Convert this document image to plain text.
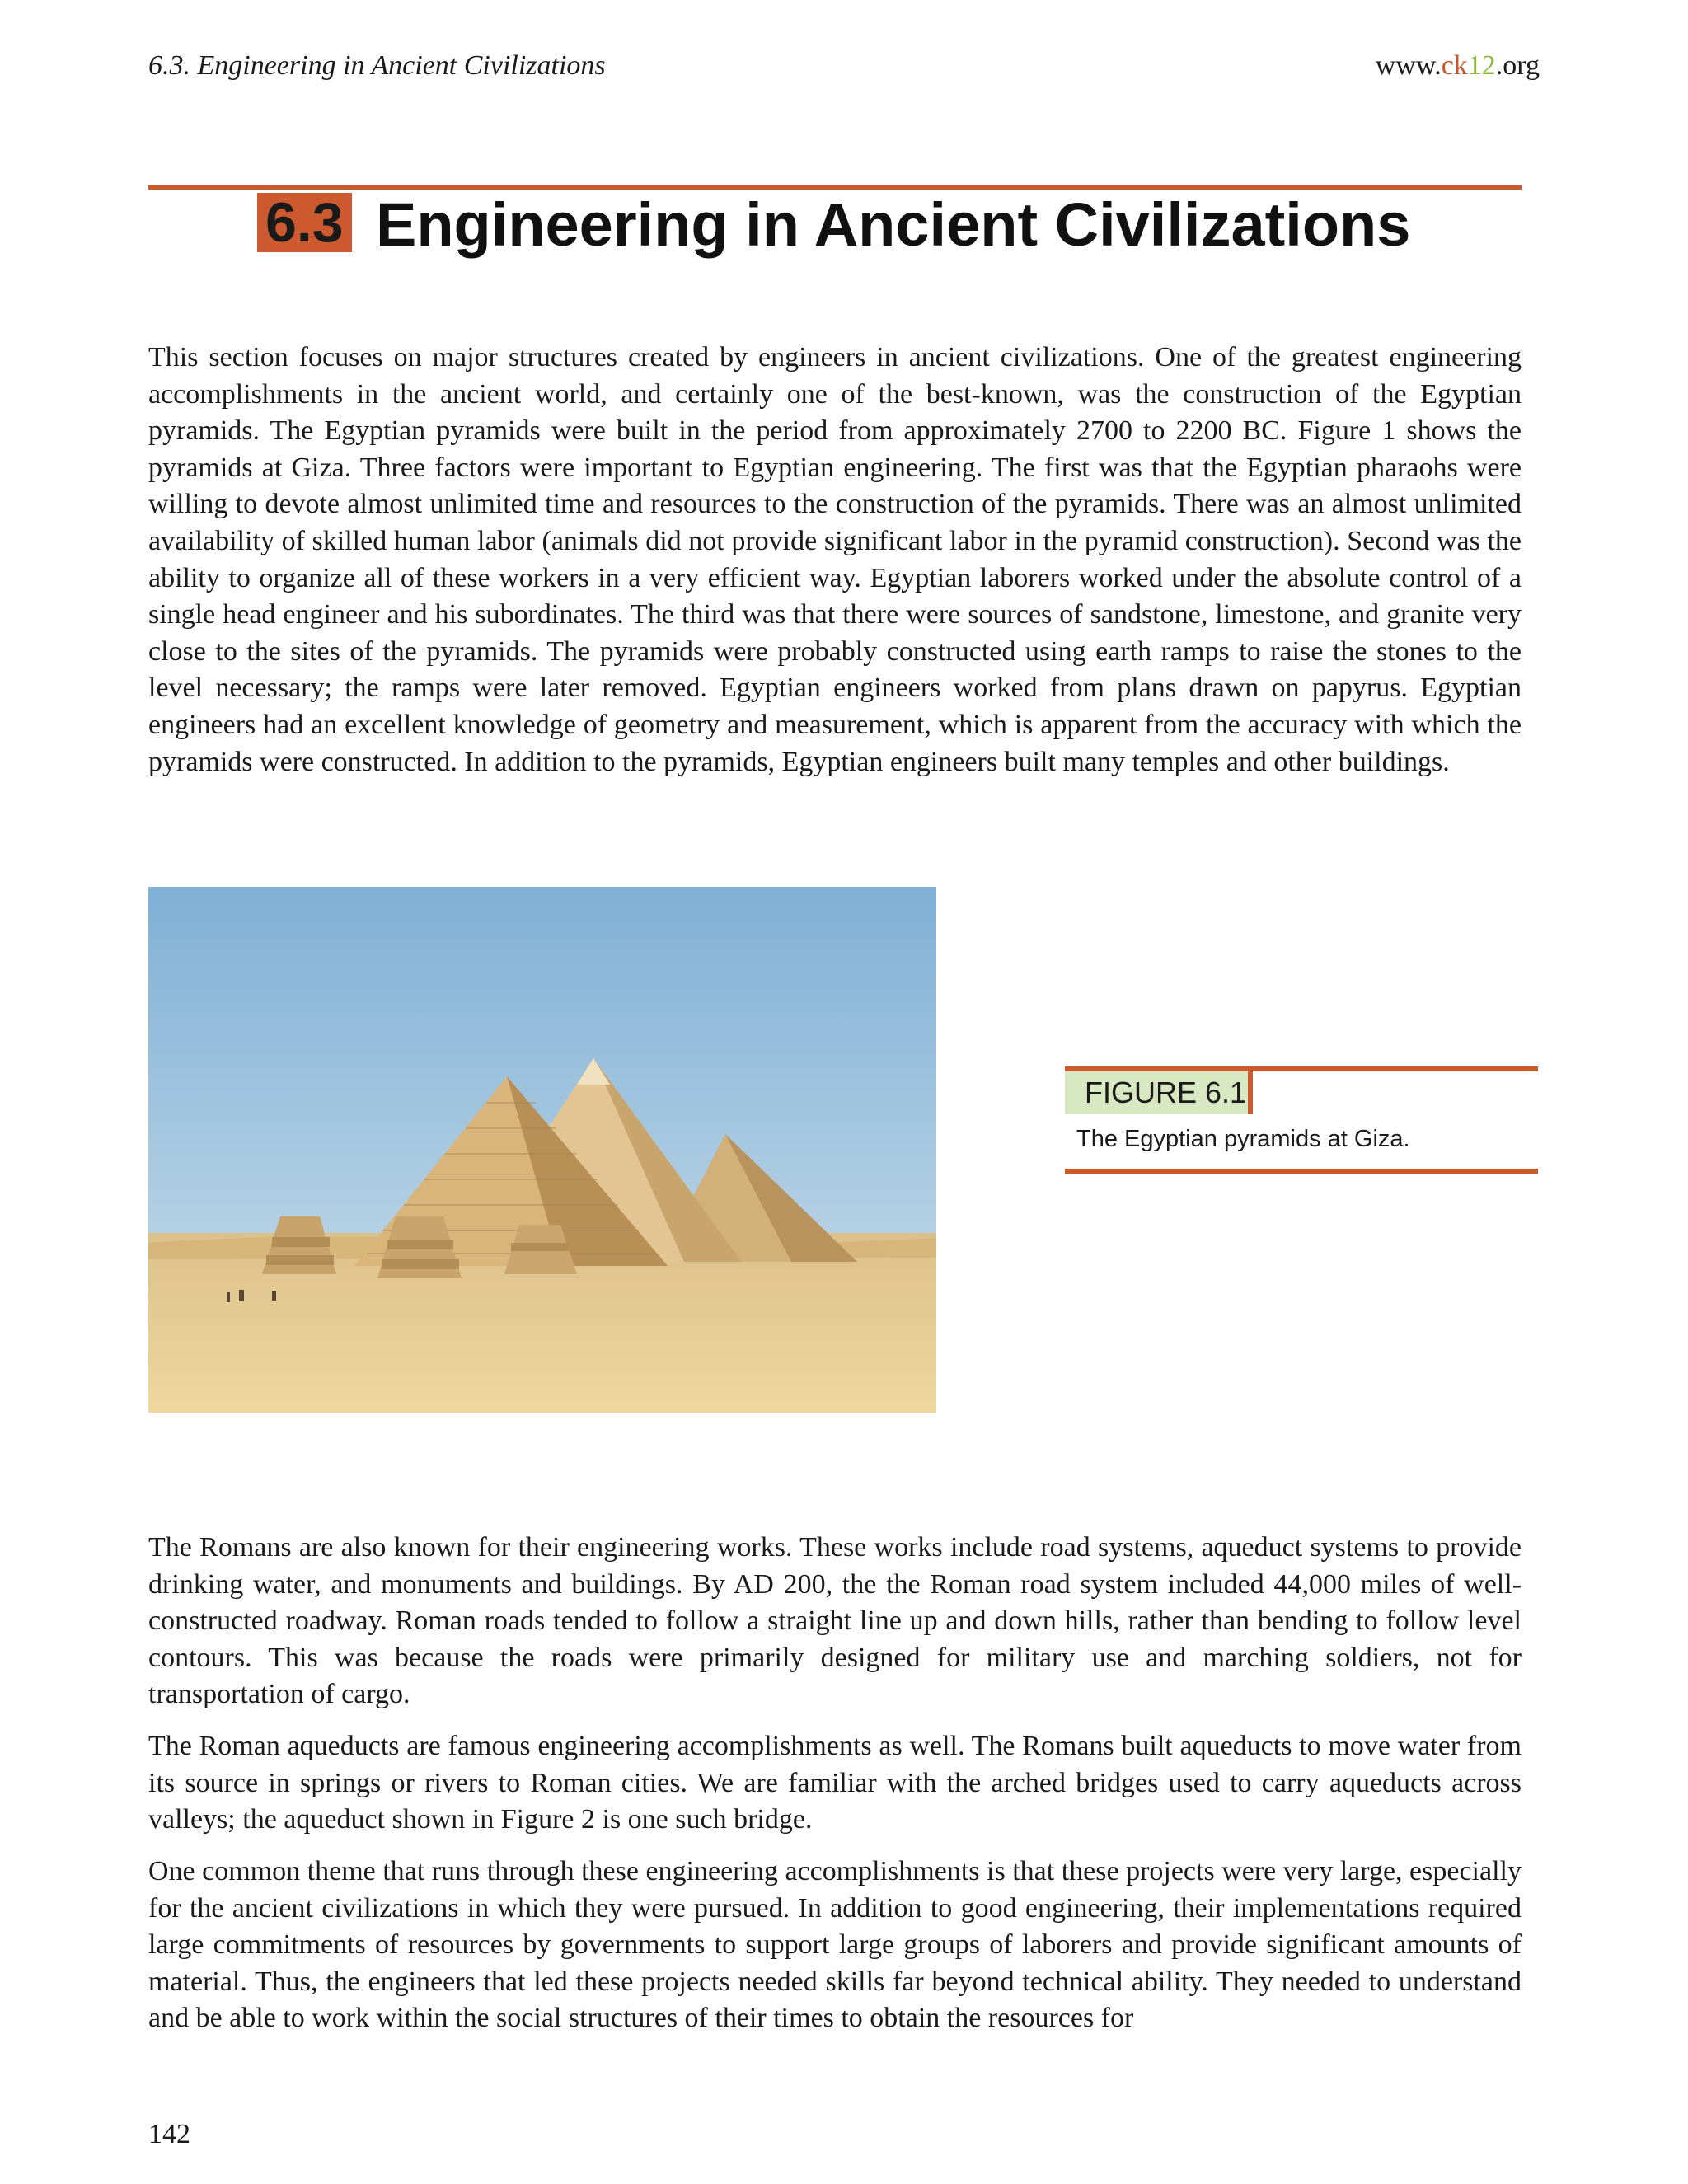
6.3. Engineering in Ancient Civilizations	www.ck12.org
6.3 Engineering in Ancient Civilizations

This section focuses on major structures created by engineers in ancient civilizations. One of the greatest engineering accomplishments in the ancient world, and certainly one of the best-known, was the construction of the Egyptian pyramids. The Egyptian pyramids were built in the period from approximately 2700 to 2200 BC. Figure 1 shows the pyramids at Giza. Three factors were important to Egyptian engineering. The first was that the Egyptian pharaohs were willing to devote almost unlimited time and resources to the construction of the pyramids. There was an almost unlimited availability of skilled human labor (animals did not provide significant labor in the pyramid construction). Second was the ability to organize all of these workers in a very efficient way. Egyptian laborers worked under the absolute control of a single head engineer and his subordinates. The third was that there were sources of sandstone, limestone, and granite very close to the sites of the pyramids. The pyramids were probably constructed using earth ramps to raise the stones to the level necessary; the ramps were later removed. Egyptian engineers worked from plans drawn on papyrus. Egyptian engineers had an excellent knowledge of geometry and measurement, which is apparent from the accuracy with which the pyramids were constructed. In addition to the pyramids, Egyptian engineers built many temples and other buildings.

FIGURE 6.1
The Egyptian pyramids at Giza.

The Romans are also known for their engineering works. These works include road systems, aqueduct systems to provide drinking water, and monuments and buildings. By AD 200, the the Roman road system included 44,000 miles of well-constructed roadway. Roman roads tended to follow a straight line up and down hills, rather than bending to follow level contours. This was because the roads were primarily designed for military use and marching soldiers, not for transportation of cargo.

The Roman aqueducts are famous engineering accomplishments as well. The Romans built aqueducts to move water from its source in springs or rivers to Roman cities. We are familiar with the arched bridges used to carry aqueducts across valleys; the aqueduct shown in Figure 2 is one such bridge.

One common theme that runs through these engineering accomplishments is that these projects were very large, especially for the ancient civilizations in which they were pursued. In addition to good engineering, their implementations required large commitments of resources by governments to support large groups of laborers and provide significant amounts of material. Thus, the engineers that led these projects needed skills far beyond technical ability. They needed to understand and be able to work within the social structures of their times to obtain the resources for

142
